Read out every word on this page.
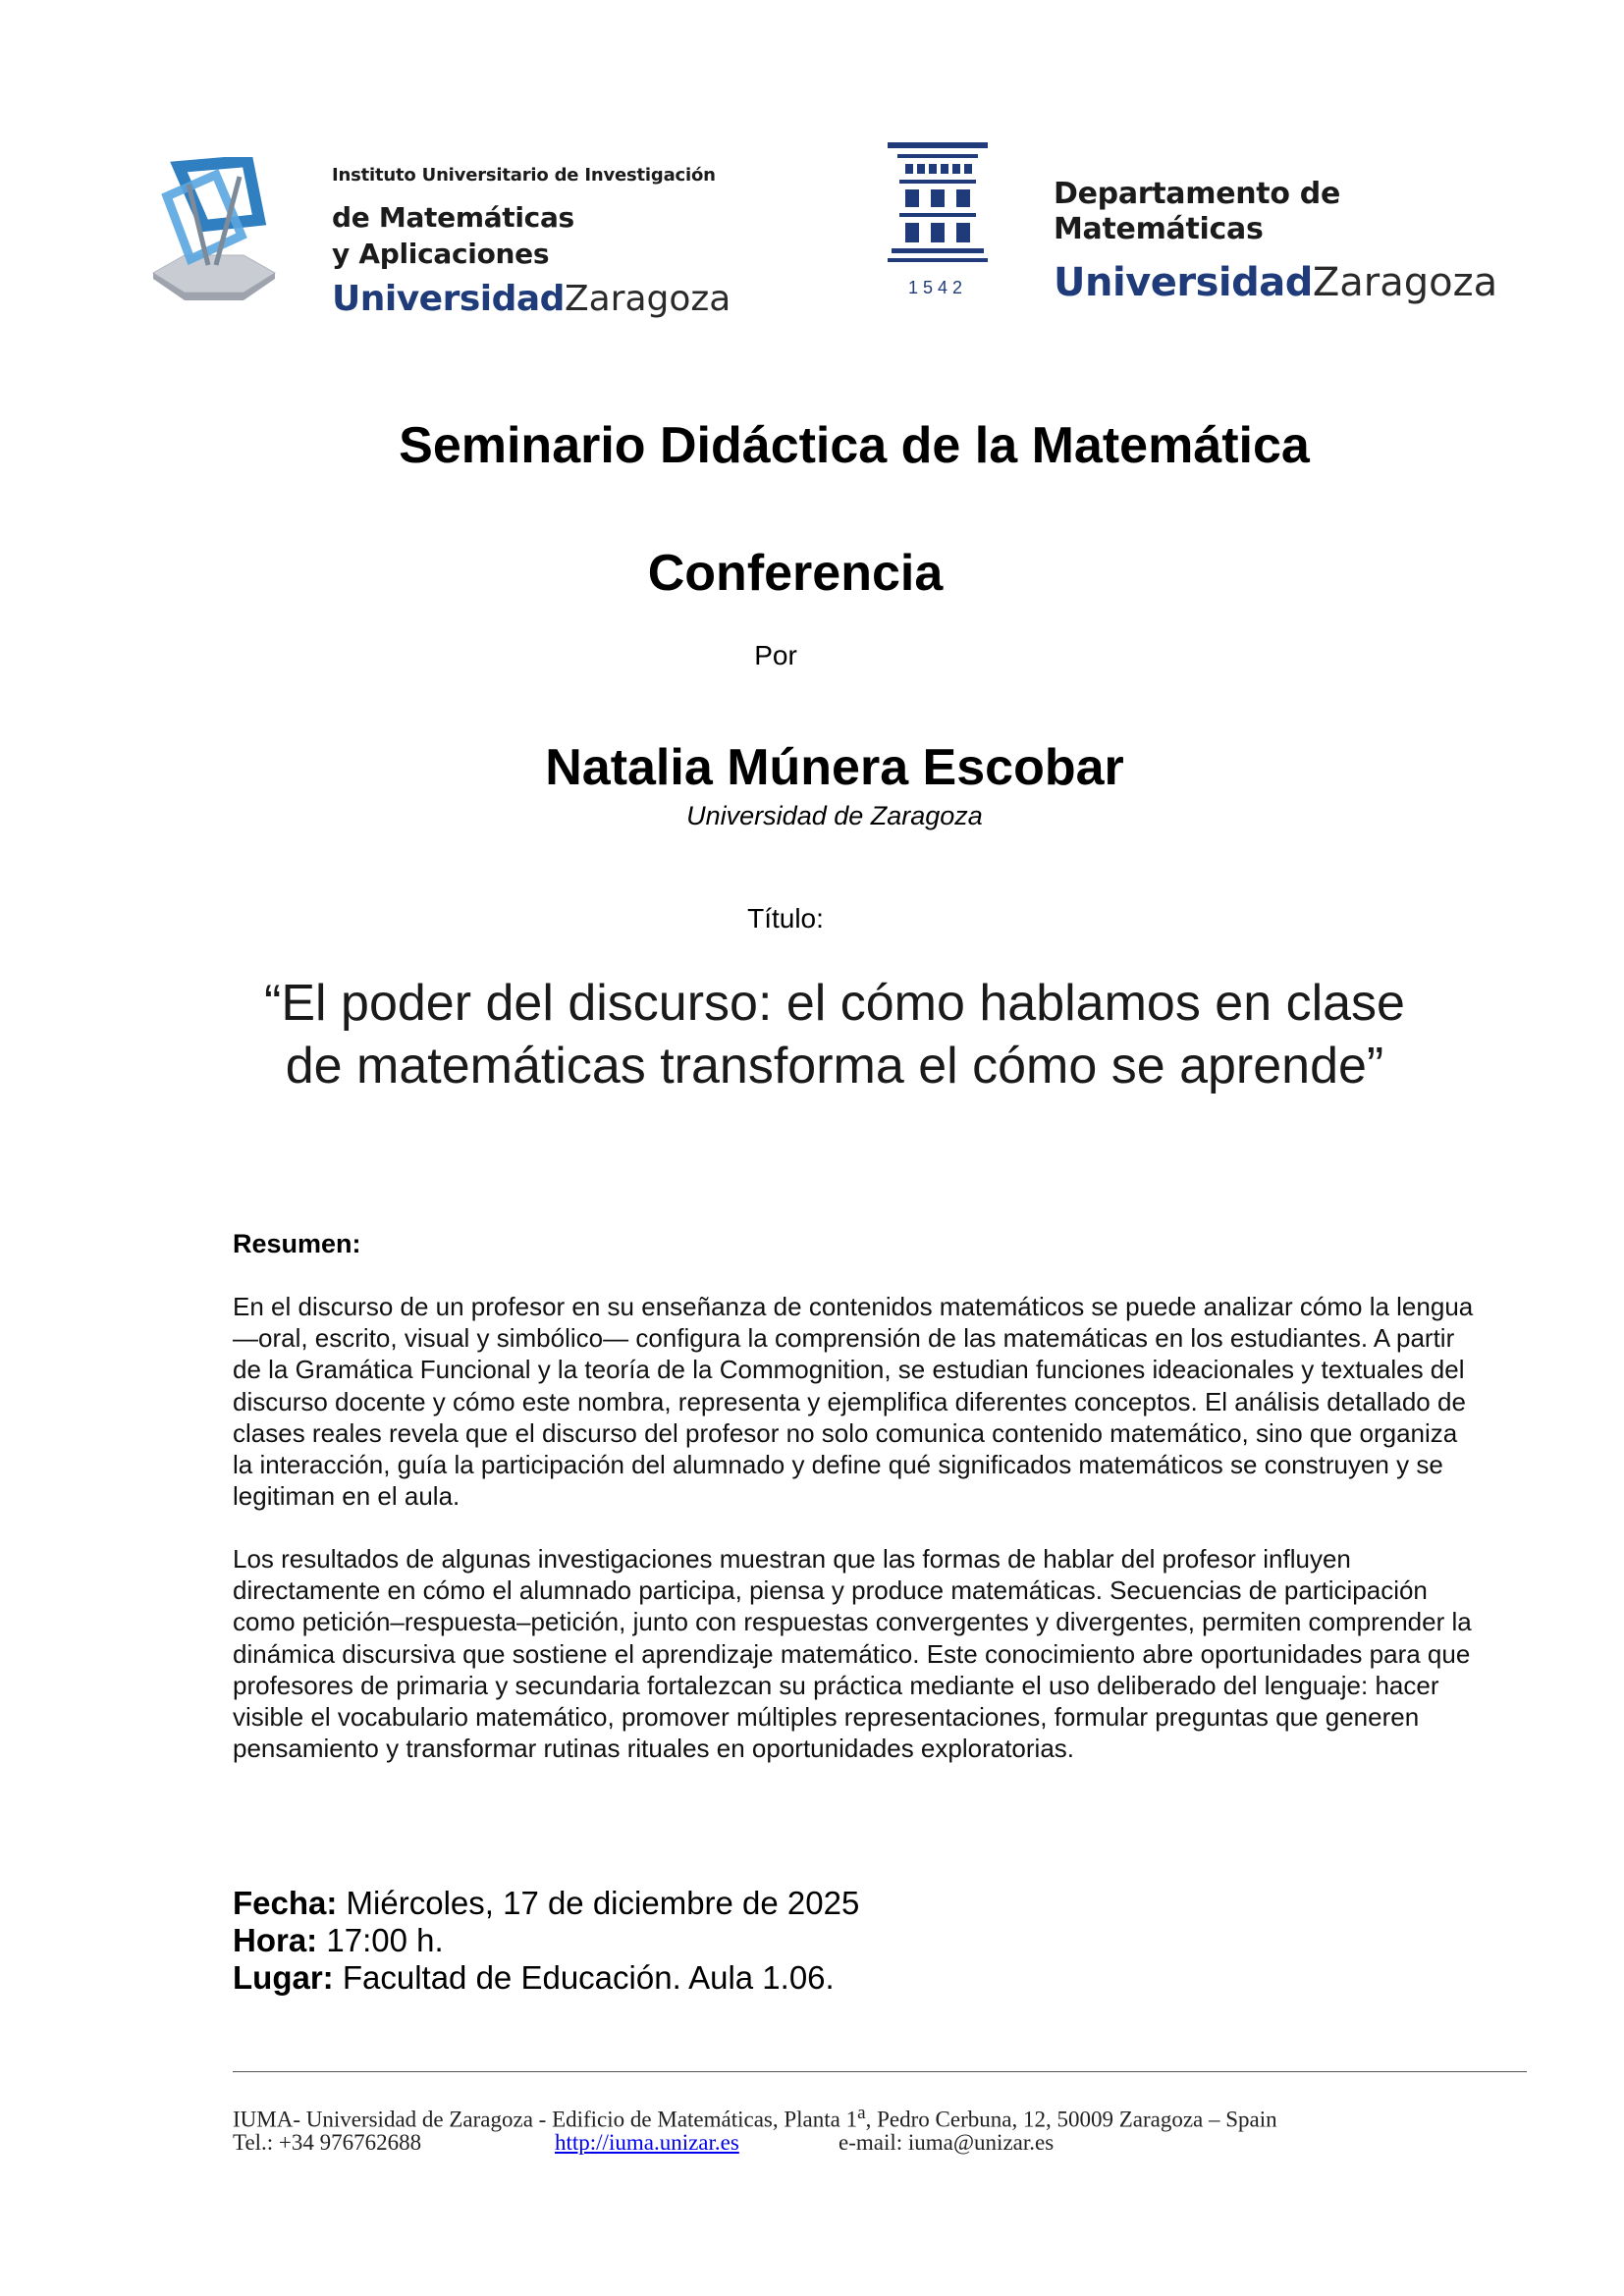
Instituto Universitario de Investigación
de Matemáticas
y Aplicaciones
UniversidadZaragoza	1542
Departamento de
Matemáticas
UniversidadZaragoza
Seminario Didáctica de la Matemática
Conferencia
Por
Natalia Múnera Escobar
Universidad de Zaragoza
Título:
“El poder del discurso: el cómo hablamos en clase
de matemáticas transforma el cómo se aprende”
Resumen:
En el discurso de un profesor en su enseñanza de contenidos matemáticos se puede analizar cómo la lengua —oral, escrito, visual y simbólico— configura la comprensión de las matemáticas en los estudiantes. A partir de la Gramática Funcional y la teoría de la Commognition, se estudian funciones ideacionales y textuales del discurso docente y cómo este nombra, representa y ejemplifica diferentes conceptos. El análisis detallado de clases reales revela que el discurso del profesor no solo comunica contenido matemático, sino que organiza la interacción, guía la participación del alumnado y define qué significados matemáticos se construyen y se legitiman en el aula.
Los resultados de algunas investigaciones muestran que las formas de hablar del profesor influyen directamente en cómo el alumnado participa, piensa y produce matemáticas. Secuencias de participación como petición–respuesta–petición, junto con respuestas convergentes y divergentes, permiten comprender la dinámica discursiva que sostiene el aprendizaje matemático. Este conocimiento abre oportunidades para que profesores de primaria y secundaria fortalezcan su práctica mediante el uso deliberado del lenguaje: hacer visible el vocabulario matemático, promover múltiples representaciones, formular preguntas que generen pensamiento y transformar rutinas rituales en oportunidades exploratorias.
Fecha: Miércoles, 17 de diciembre de 2025
Hora: 17:00 h.
Lugar: Facultad de Educación. Aula 1.06.
IUMA- Universidad de Zaragoza - Edificio de Matemáticas, Planta 1$^a$, Pedro Cerbuna, 12, 50009 Zaragoza – Spain
Tel.: +34 976762688	http://iuma.unizar.es	e-mail: iuma@unizar.es
